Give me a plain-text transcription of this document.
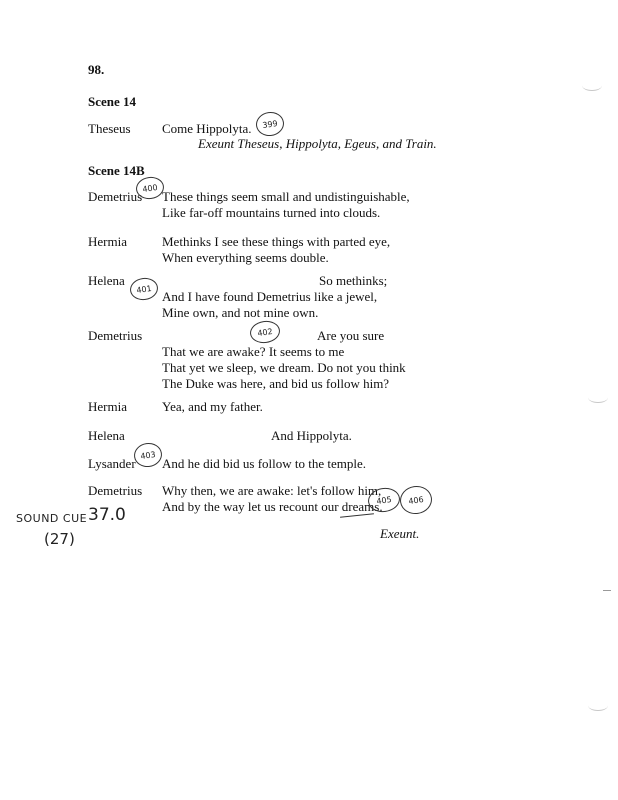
98.
Scene 14
Theseus Come Hippolyta.
Exeunt Theseus, Hippolyta, Egeus, and Train.
Scene 14B
Demetrius These things seem small and undistinguishable,
Like far-off mountains turned into clouds.
Hermia	Methinks I see these things with parted eye,
When everything seems double.
Helena	So methinks;
And I have found Demetrius like a jewel,
Mine own, and not mine own.
Demetrius	Are you sure
That we are awake? It seems to me
That yet we sleep, we dream. Do not you think
The Duke was here, and bid us follow him?
Hermia	Yea, and my father.
Helena	And Hippolyta.
Lysander And he did bid us follow to the temple.
Demetrius Why then, we are awake: let's follow him,
And by the way let us recount our dreams.
Exeunt.
399
400
401
402
403
405	406
SOUND CUE 37.0
(27)
